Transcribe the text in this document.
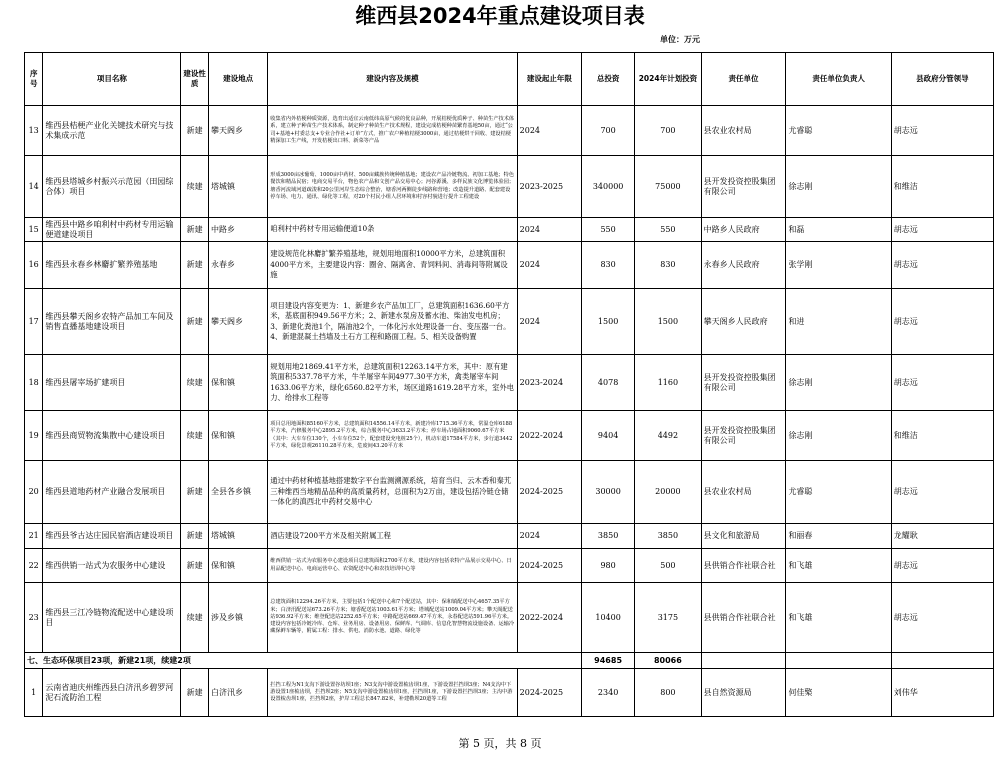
维西县2024年重点建设项目表
单位：万元
序号	项目名称	建设性质	建设地点	建设内容及规模	建设起止年限	总投资	2024年计划投资	责任单位	责任单位负责人	县政府分管领导
13	维西县桔梗产业化关键技术研究与技术集成示范	新建	攀天阁乡	收集省内外桔梗种质资源，选育出适宜云南低纬高原气候的优良品种，开展桔梗优质种子、种苗生产技术体系，建立种子种苗生产技术体系，制定种子种苗生产技术规程，建设完成桔梗种苗繁育基地50亩，通过“公司+基地+村委总支+专业合作社+订单”方式，推广农户种植桔梗3000亩，通过桔梗烘干回收、建设桔梗精深加工生产线，开发桔梗出口料、新菜等产品	2024	700	700	县农业农村局	尤睿聪	胡志远
14	维西县塔城乡村振兴示范园（田园综合体）项目	续建	塔城镇	形成3000亩冰葡萄、1000亩中药材、500亩藏族传统种植基地；建设农产品冷链物流、初加工基地；特色餐饮和精品民宿；电商交易平台，物色农产品和文创产品交易中心；河谷源溪、多样民族文化博览体验园；塘香河流域河道疏浚和20公里河岸生态综合整治，塘香河两侧徒步线路和营地；改造提升道路、配套建设停车场、电力、通讯、绿化等工程，对20个村民小组人居环境和村容村貌进行提升工程建设	2023-2025	340000	75000	县开发投资控股集团有限公司	徐志刚	和维洁
15	维西县中路乡咱利村中药材专用运输便道建设项目	新建	中路乡	咱利村中药材专用运输便道10条	2024	550	550	中路乡人民政府	和磊	胡志远
16	维西县永春乡林麝扩繁养殖基地	新建	永春乡	建设规范化林麝扩繁养殖基地，规划用地面积10000平方米，总建筑面积4000平方米，主要建设内容：圈舍、隔离舍、青饲料间、消毒间等附属设施	2024	830	830	永春乡人民政府	张学刚	胡志远
17	维西县攀天阁乡农特产品加工车间及销售直播基地建设项目	新建	攀天阁乡	项目建设内容变更为：1、新建乡农产品加工厂，总建筑面积1636.60平方米，基底面积949.56平方米；2、新建水泵房及蓄水池、柴油发电机房；3、新建化粪池1个，隔油池2个，一体化污水处理设备一台、变压器一台。4、新建混凝土挡墙及土石方工程和路面工程。5、相关设备购置	2024	1500	1500	攀天阁乡人民政府	和进	胡志远
18	维西县屠宰场扩建项目	续建	保和镇	规划用地21869.41平方米，总建筑面积12263.14平方米，其中：原有建筑面积5337.78平方米，牛羊屠宰车间4977.30平方米，禽类屠宰车间1633.06平方米，绿化6560.82平方米，场区道路1619.28平方米，室外电力、给排水工程等	2023-2024	4078	1160	县开发投资控股集团有限公司	徐志刚	胡志远
19	维西县商贸物流集散中心建设项目	续建	保和镇	项目总用地面积85160平方米，总建筑面积14556.14平方米，新建冷库1715.36平方米，常温仓库6188平方米，汽修服务中心2895.2平方米，综合服务中心3633.2平方米；停车场占地面积9060.67平方米（其中：大车车位130个，小车车位52个，配套建设充电桩25个），机动车道17584平方米，步行道3442平方米，绿化景观26110.28平方米，危废间43.20平方米	2022-2024	9404	4492	县开发投资控股集团有限公司	徐志刚	和维洁
20	维西县道地药材产业融合发展项目	新建	全县各乡镇	通过中药材种植基地搭建数字平台监测溯源系统，培育当归、云木香和秦艽三种维西当地精品品种的高质量药材，总面积为2万亩，建设包括冷链仓储一体化的滇西北中药材交易中心	2024-2025	30000	20000	县农业农村局	尤睿聪	胡志远
21	维西县爷古达庄园民宿酒店建设项目	新建	塔城镇	酒店建设7200平方米及相关附属工程	2024	3850	3850	县文化和旅游局	和丽春	龙耀耿
22	维西供销一站式为农服务中心建设	新建	保和镇	维西供销一站式为农服务中心建设项目总建筑面积2700平方米，建设内容包括农特产品展示交易中心、日用品配送中心、电商运营中心、农资配送中心和农技培训中心等	2024-2025	980	500	县供销合作社联合社	和飞雄	胡志远
23	维西县三江冷链物流配送中心建设项目	续建	涉及乡镇	总建筑面积12294.26平方米，主要包括1个配送中心和7个配送站，其中：保和镇配送中心4657.35平方米；白济汛配送站673.26平方米；塘香配送站1003.61平方米；塔城配送站1009.04平方米；攀天阁配送站936.92平方米；维登配送站2252.65平方米；中路配送站669.47平方米，永春配送站591.96平方米。建设内容包括冷链冷库、仓库、业务用房、设备用房、保鲜库、气调库、信息化智慧物流设施设备、运输冷藏保鲜车辆等，附属工程：排水、供电、消防水池、道路、绿化等	2022-2024	10400	3175	县供销合作社联合社	和飞雄	胡志远
七、生态环保项目23项，新建21项，续建2项						94685	80066			
1	云南省迪庆州维西县白济汛乡碧罗河泥石流防治工程	新建	白济汛乡	拦挡工程为N1支沟下游设置谷坊坝1座；N3支沟中游设置梳齿坝1座，下游设置拦挡坝3座；N4支沟中下游设置1座梳齿坝，拦挡坝2座；N5支沟中游设置梳齿坝1座，拦挡坝1座，下游设置拦挡坝3座；主沟中游设置梳齿坝1座，拦挡坝2座，护岸工程总长847.82米，补建勒坝20道等工程	2024-2025	2340	800	县自然资源局	何佳檠	刘伟华
第 5 页，共 8 页
